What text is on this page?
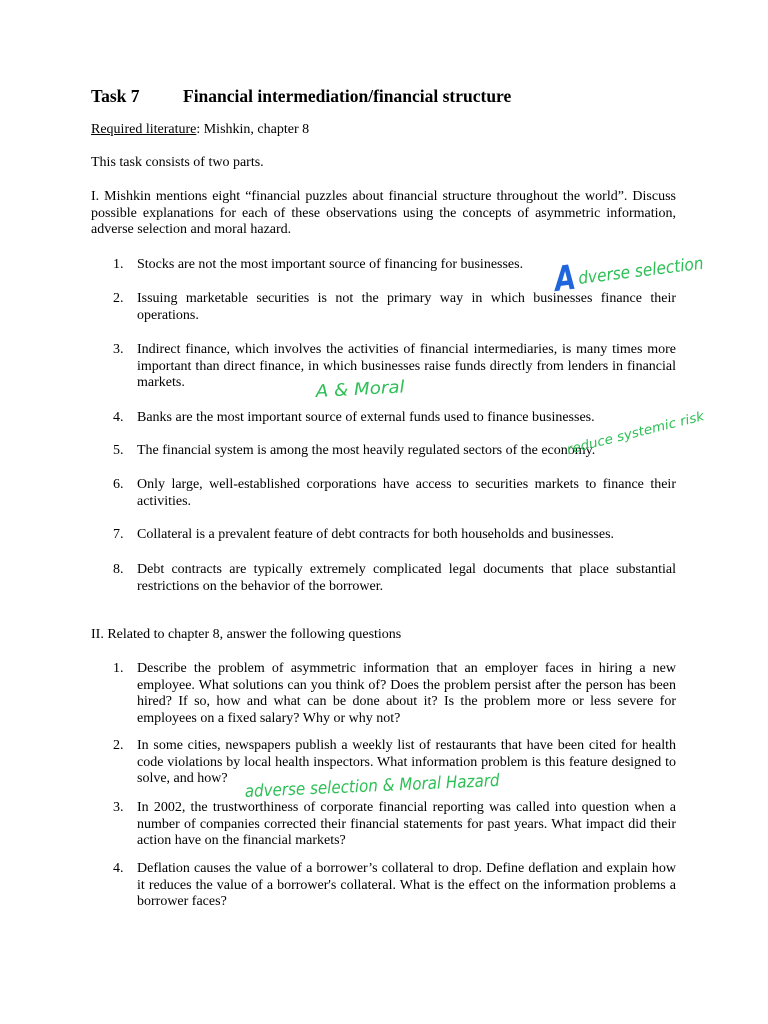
Task 7 Financial intermediation/financial structure
Required literature: Mishkin, chapter 8
This task consists of two parts.
I. Mishkin mentions eight “financial puzzles about financial structure throughout the world”. Discuss
possible explanations for each of these observations using the concepts of asymmetric information,
adverse selection and moral hazard.
1. Stocks are not the most important source of financing for businesses.
2. Issuing marketable securities is not the primary way in which businesses finance their
operations.
3. Indirect finance, which involves the activities of financial intermediaries, is many times more
important than direct finance, in which businesses raise funds directly from lenders in financial
markets.
4. Banks are the most important source of external funds used to finance businesses.
5. The financial system is among the most heavily regulated sectors of the economy.
6. Only large, well-established corporations have access to securities markets to finance their
activities.
7. Collateral is a prevalent feature of debt contracts for both households and businesses.
8. Debt contracts are typically extremely complicated legal documents that place substantial
restrictions on the behavior of the borrower.
II. Related to chapter 8, answer the following questions
1. Describe the problem of asymmetric information that an employer faces in hiring a new
employee. What solutions can you think of? Does the problem persist after the person has been
hired? If so, how and what can be done about it? Is the problem more or less severe for
employees on a fixed salary? Why or why not?
2. In some cities, newspapers publish a weekly list of restaurants that have been cited for health
code violations by local health inspectors. What information problem is this feature designed to
solve, and how?
3. In 2002, the trustworthiness of corporate financial reporting was called into question when a
number of companies corrected their financial statements for past years. What impact did their
action have on the financial markets?
4. Deflation causes the value of a borrower’s collateral to drop. Define deflation and explain how
it reduces the value of a borrower's collateral. What is the effect on the information problems a
borrower faces?
A
dverse selection
A & Moral
reduce systemic risk
adverse selection & Moral Hazard
